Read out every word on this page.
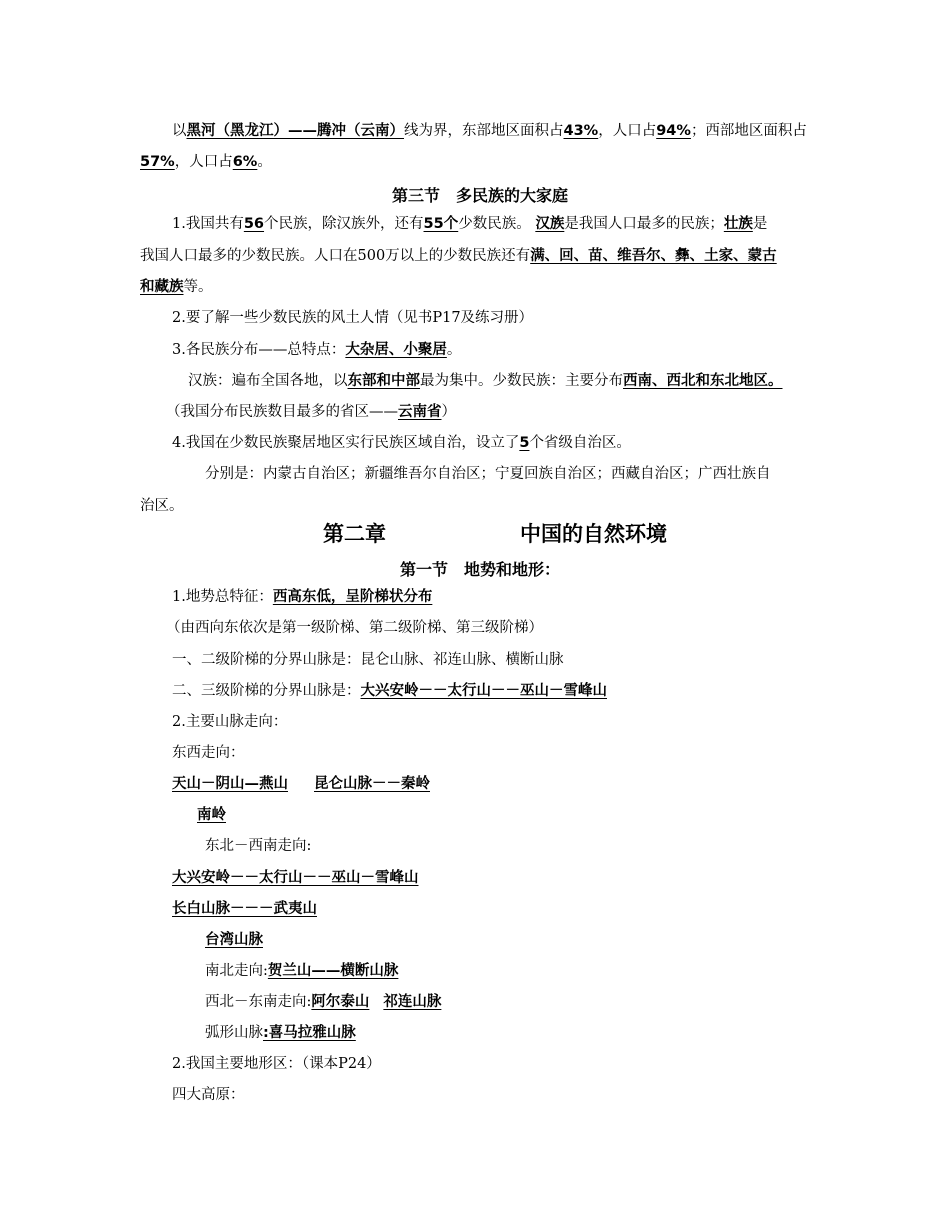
以黑河（黑龙江）——腾冲（云南）线为界，东部地区面积占43%，人口占94%；西部地区面积占
57%，人口占6%。
第三节　多民族的大家庭
1.我国共有56个民族，除汉族外，还有55个少数民族。 汉族是我国人口最多的民族；壮族是
我国人口最多的少数民族。人口在500万以上的少数民族还有满、回、苗、维吾尔、彝、土家、蒙古
和藏族等。
2.要了解一些少数民族的风土人情（见书P17及练习册）
3.各民族分布——总特点：大杂居、小聚居。
汉族：遍布全国各地，以东部和中部最为集中。少数民族：主要分布西南、西北和东北地区。
（我国分布民族数目最多的省区——云南省）
4.我国在少数民族聚居地区实行民族区域自治，设立了5个省级自治区。
分别是：内蒙古自治区；新疆维吾尔自治区；宁夏回族自治区；西藏自治区；广西壮族自
治区。
第二章	中国的自然环境
第一节　地势和地形：
1.地势总特征：西高东低，呈阶梯状分布
（由西向东依次是第一级阶梯、第二级阶梯、第三级阶梯）
一、二级阶梯的分界山脉是：昆仑山脉、祁连山脉、横断山脉
二、三级阶梯的分界山脉是：大兴安岭－－太行山－－巫山－雪峰山
2.主要山脉走向：
东西走向：
天山－阴山—燕山 昆仑山脉－－秦岭
南岭
东北－西南走向:
大兴安岭－－太行山－－巫山－雪峰山
长白山脉－－－武夷山
台湾山脉
南北走向:贺兰山——横断山脉
西北－东南走向:阿尔泰山 祁连山脉
弧形山脉:喜马拉雅山脉
2.我国主要地形区：（课本P24）
四大高原：
